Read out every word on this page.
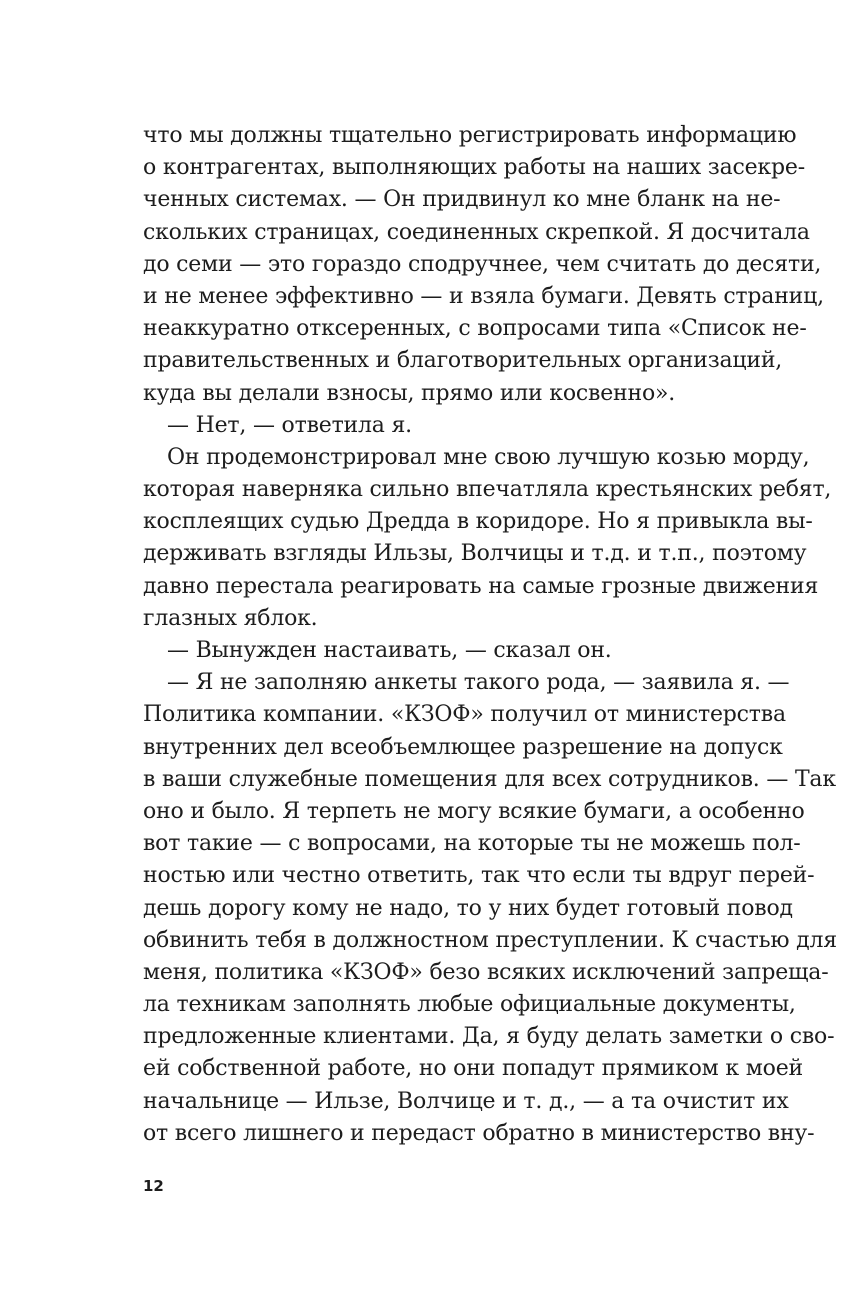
что мы должны тщательно регистрировать информацию
о контрагентах, выполняющих работы на наших засекре-
ченных системах. — Он придвинул ко мне бланк на не-
скольких страницах, соединенных скрепкой. Я досчитала
до семи — это гораздо сподручнее, чем считать до десяти,
и не менее эффективно — и взяла бумаги. Девять страниц,
неаккуратно отксеренных, с вопросами типа «Список не-
правительственных и благотворительных организаций,
куда вы делали взносы, прямо или косвенно».
— Нет, — ответила я.
Он продемонстрировал мне свою лучшую козью морду,
которая наверняка сильно впечатляла крестьянских ребят,
косплеящих судью Дредда в коридоре. Но я привыкла вы-
держивать взгляды Ильзы, Волчицы и т.д. и т.п., поэтому
давно перестала реагировать на самые грозные движения
глазных яблок.
— Вынужден настаивать, — сказал он.
— Я не заполняю анкеты такого рода, — заявила я. —
Политика компании. «КЗОФ» получил от министерства
внутренних дел всеобъемлющее разрешение на допуск
в ваши служебные помещения для всех сотрудников. — Так
оно и было. Я терпеть не могу всякие бумаги, а особенно
вот такие — с вопросами, на которые ты не можешь пол-
ностью или честно ответить, так что если ты вдруг перей-
дешь дорогу кому не надо, то у них будет готовый повод
обвинить тебя в должностном преступлении. К счастью для
меня, политика «КЗОФ» безо всяких исключений запреща-
ла техникам заполнять любые официальные документы,
предложенные клиентами. Да, я буду делать заметки о сво-
ей собственной работе, но они попадут прямиком к моей
начальнице — Ильзе, Волчице и т. д., — а та очистит их
от всего лишнего и передаст обратно в министерство вну-

12
